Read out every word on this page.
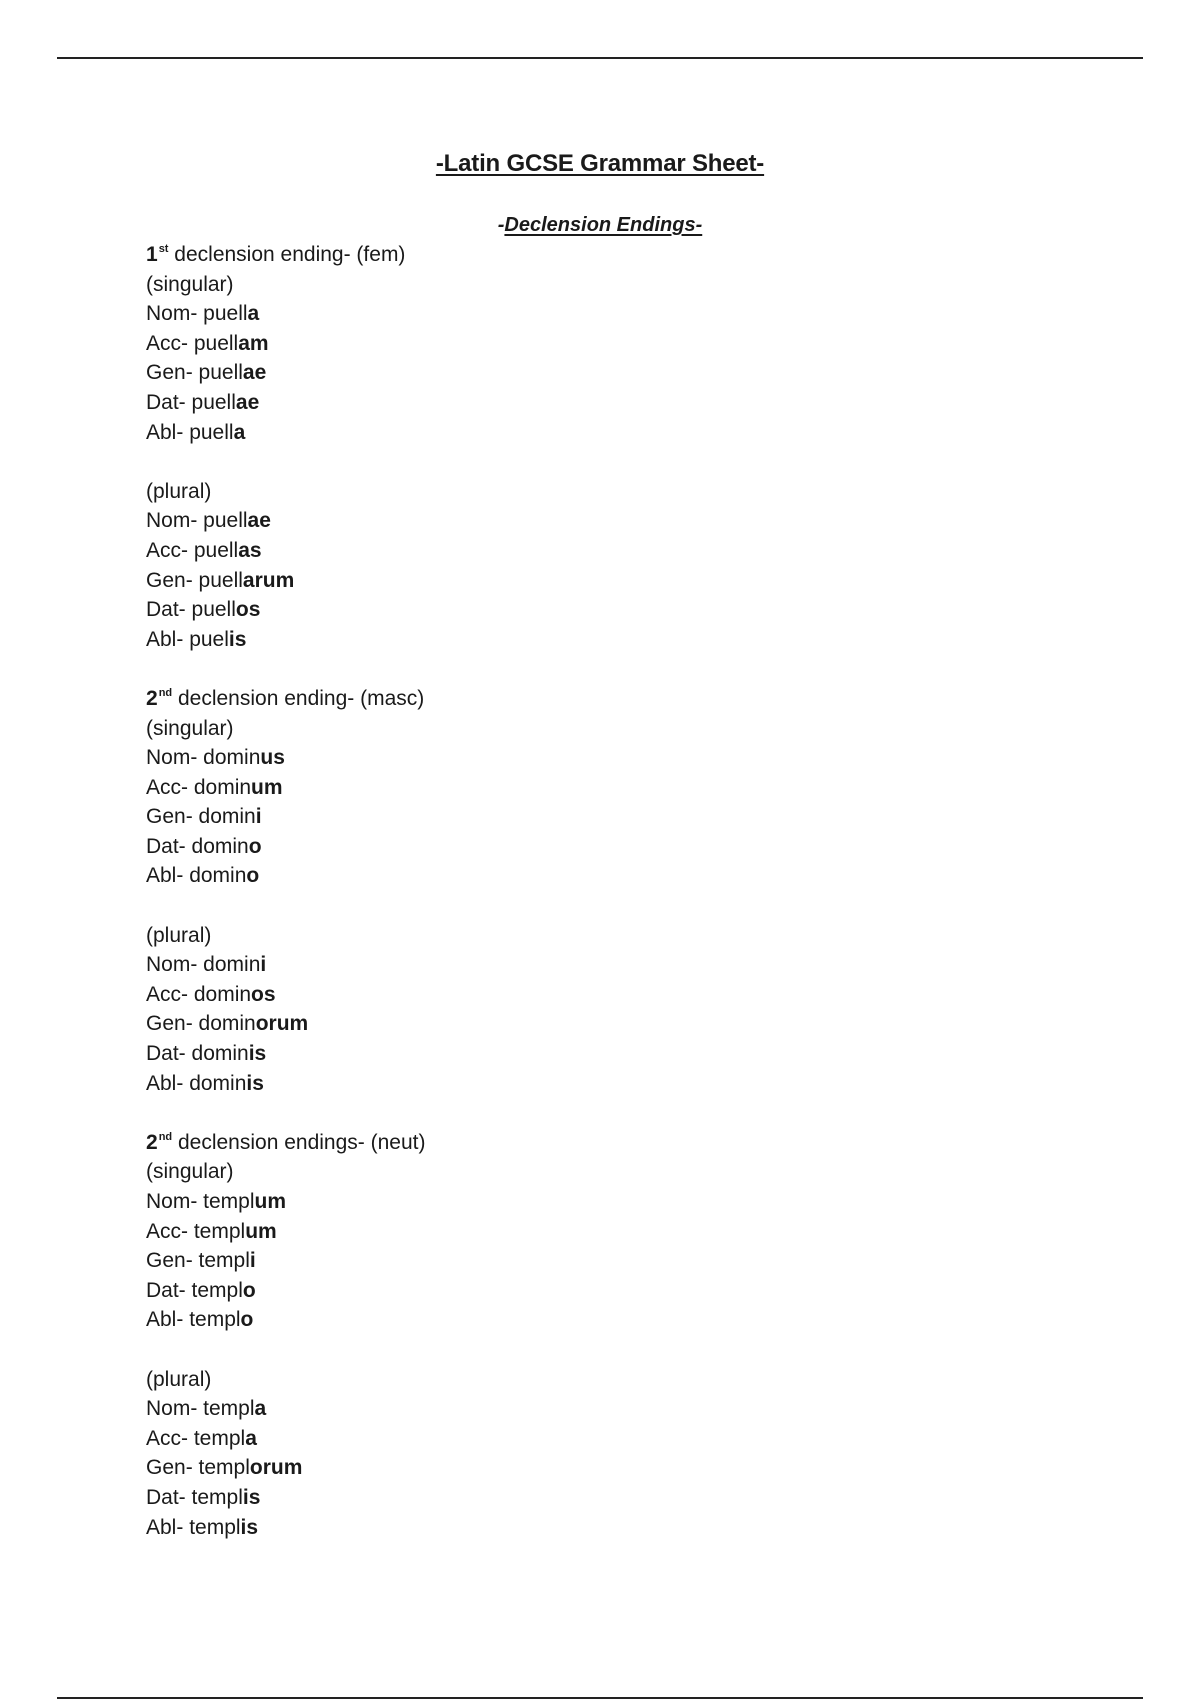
-Latin GCSE Grammar Sheet-
-Declension Endings-
1st declension ending- (fem)
(singular)
Nom- puella
Acc- puellam
Gen- puellae
Dat- puellae
Abl- puella
(plural)
Nom- puellae
Acc- puellas
Gen- puellarum
Dat- puellos
Abl- puelis
2nd declension ending- (masc)
(singular)
Nom- dominus
Acc- dominum
Gen- domini
Dat- domino
Abl- domino
(plural)
Nom- domini
Acc- dominos
Gen- dominorum
Dat- dominis
Abl- dominis
2nd declension endings- (neut)
(singular)
Nom- templum
Acc- templum
Gen- templi
Dat- templo
Abl- templo
(plural)
Nom- templa
Acc- templa
Gen- templorum
Dat- templis
Abl- templis
